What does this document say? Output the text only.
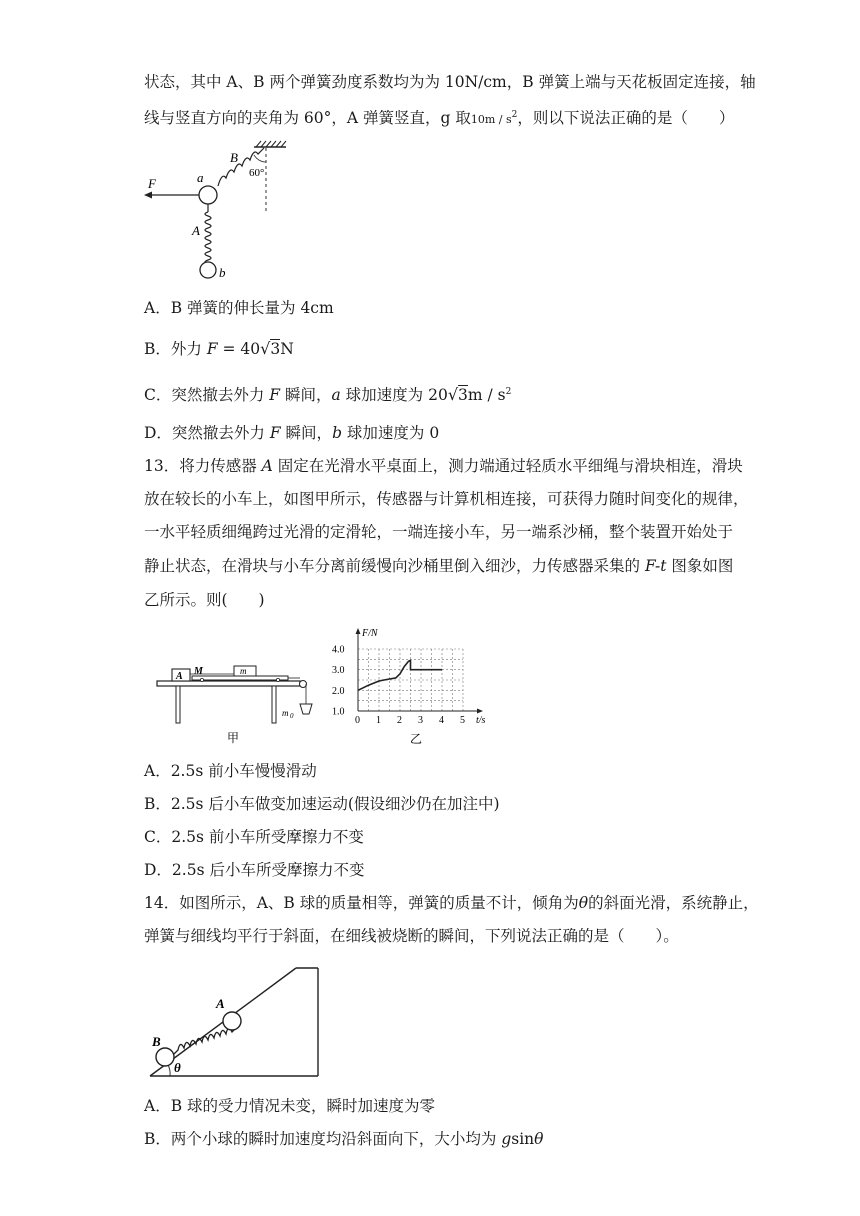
状态，其中 A、B 两个弹簧劲度系数均为为 10N/cm，B 弹簧上端与天花板固定连接，轴
线与竖直方向的夹角为 60°，A 弹簧竖直，g 取$10m / s^2$，则以下说法正确的是（　　）
60°
B
a
F
A
b
A．B 弹簧的伸长量为 4cm
B．外力 F = 40√3N
C．突然撤去外力 F 瞬间，a 球加速度为 $20√3m / s^2$
D．突然撤去外力 F 瞬间，b 球加速度为 0
13．将力传感器 A 固定在光滑水平桌面上，测力端通过轻质水平细绳与滑块相连，滑块
放在较长的小车上，如图甲所示，传感器与计算机相连接，可获得力随时间变化的规律，
一水平轻质细绳跨过光滑的定滑轮，一端连接小车，另一端系沙桶，整个装置开始处于
静止状态，在滑块与小车分离前缓慢向沙桶里倒入细沙，力传感器采集的 F-t 图象如图
乙所示。则(　　)
A M	m
m 0
甲
0 1 2 3 4 5
1.0
2.0
3.0
4.0
F/N
t/s
乙
A．2.5s 前小车慢慢滑动
B．2.5s 后小车做变加速运动(假设细沙仍在加注中)
C．2.5s 前小车所受摩擦力不变
D．2.5s 后小车所受摩擦力不变
14．如图所示，A、B 球的质量相等，弹簧的质量不计，倾角为θ的斜面光滑，系统静止，
弹簧与细线均平行于斜面，在细线被烧断的瞬间，下列说法正确的是（　　）。
θ
B
A
A．B 球的受力情况未变，瞬时加速度为零
B．两个小球的瞬时加速度均沿斜面向下，大小均为 gsinθ
